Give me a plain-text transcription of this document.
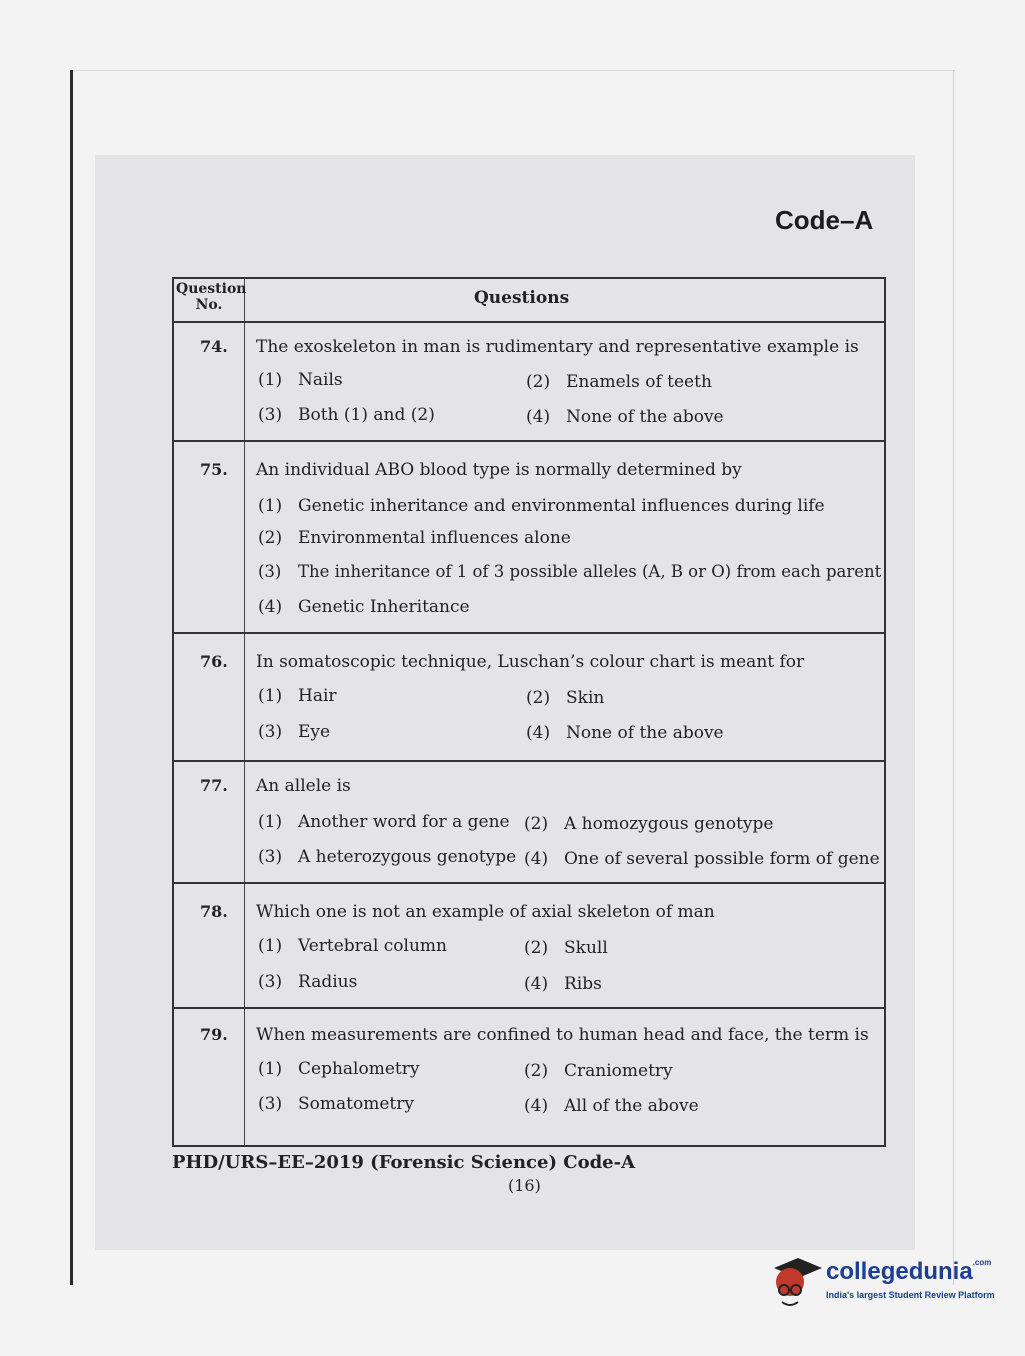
Code–A
Question No.	Questions
74. The exoskeleton in man is rudimentary and representative example is
(1) Nails	(2) Enamels of teeth
(3) Both (1) and (2)	(4) None of the above
75. An individual ABO blood type is normally determined by
(1) Genetic inheritance and environmental influences during life
(2) Environmental influences alone
(3) The inheritance of 1 of 3 possible alleles (A, B or O) from each parent
(4) Genetic Inheritance
76. In somatoscopic technique, Luschan’s colour chart is meant for
(1) Hair	(2) Skin
(3) Eye	(4) None of the above
77. An allele is
(1) Another word for a gene (2) A homozygous genotype
(3) A heterozygous genotype (4) One of several possible form of gene
78. Which one is not an example of axial skeleton of man
(1) Vertebral column	(2) Skull
(3) Radius	(4) Ribs
79. When measurements are confined to human head and face, the term is
(1) Cephalometry	(2) Craniometry
(3) Somatometry	(4) All of the above
PHD/URS–EE–2019 (Forensic Science) Code-A
(16)
collegedunia$^{.com}$
India's largest Student Review Platform
